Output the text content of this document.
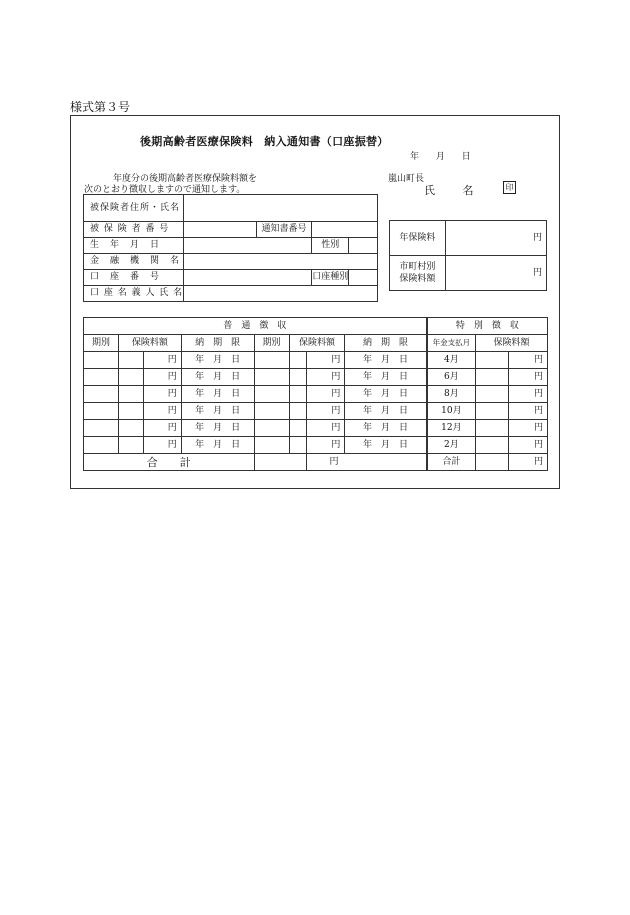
様式第３号
後期高齢者医療保険料　納入通知書（口座振替）
年 月 日
年度分の後期高齢者医療保険料額を
次のとおり徴収しますので通知します。
嵐山町長
氏 名	印
被保険者住所・氏名				
被 保 険 者 番 号		通知書番号		
生　年　月　日			性別	
金　融　機　関　名				
口　座　番　号			口座種別	
口 座 名 義 人 氏 名				
年保険料	円

市町村別
保険料額	円
普　通　徴　収								特　別　徴　収		
期別	保険料額		納　期　限	期別	保険料額		納　期　限	年金支払月	保険料額	
		円	年　月　日			円	年　月　日	4月		円
		円	年　月　日			円	年　月　日	6月		円
		円	年　月　日			円	年　月　日	8月		円
		円	年　月　日			円	年　月　日	10月		円
		円	年　月　日			円	年　月　日	12月		円
		円	年　月　日			円	年　月　日	2月		円
合　　計						円		合計		円
